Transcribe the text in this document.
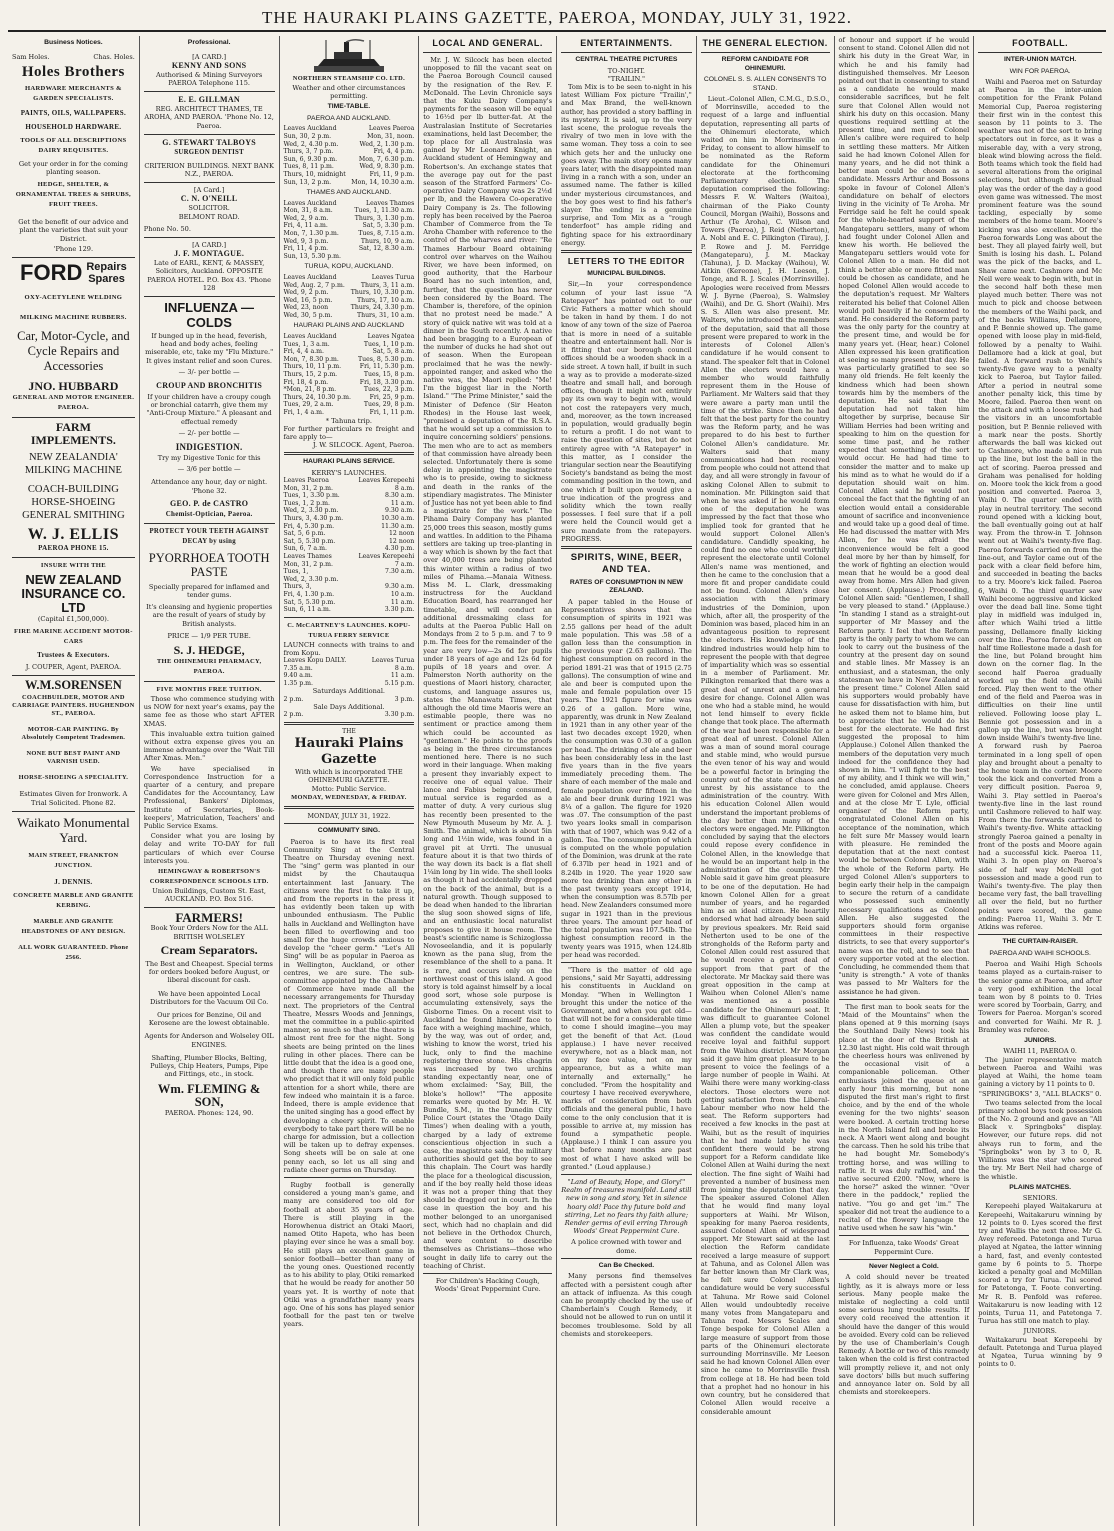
THE HAURAKI PLAINS GAZETTE, PAEROA, MONDAY, JULY 31, 1922.
Business Notices.
Sam Holes.	Chas. Holes.
Holes Brothers
HARDWARE MERCHANTS & GARDEN SPECIALISTS.
PAINTS, OILS, WALLPAPERS.
HOUSEHOLD HARDWARE.
TOOLS OF ALL DESCRIPTIONS DAIRY REQUISITES.
Get your order in for the coming planting season.
HEDGE, SHELTER, & ORNAMENTAL TREES & SHRUBS, FRUIT TREES.
Get the benefit of our advice and plant the varieties that suit your District.
'Phone 129.
FORD Repairs
Spares
OXY-ACETYLENE WELDING
MILKING MACHINE RUBBERS.
Car, Motor-Cycle, and Cycle Repairs and Accessories
JNO. HUBBARD
GENERAL AND MOTOR ENGINEER.
PAEROA.
FARM IMPLEMENTS.
NEW ZEALANDIA' MILKING MACHINE
COACH-BUILDING HORSE-SHOEING GENERAL SMITHING
W. J. ELLIS
PAEROA PHONE 15.
INSURE WITH THE
NEW ZEALAND INSURANCE CO. LTD
(Capital £1,500,000).
FIRE MARINE ACCIDENT MOTOR-CARS
Trustees & Executors.
J. COUPER, Agent, PAEROA.
W.M.SORENSEN
COACHBUILDER, MOTOR AND CARRIAGE PAINTERS. HUGHENDON ST., PAEROA.
MOTOR-CAR PAINTING. By Absolutely Competent Tradesmen.
NONE BUT BEST PAINT AND VARNISH USED.
HORSE-SHOEING A SPECIALITY.
Estimates Given for Ironwork. A Trial Solicited. Phone 82.
Waikato Monumental Yard.
MAIN STREET, FRANKTON JUNCTION.
J. DENNIS.
CONCRETE MARBLE AND GRANITE KERBING.
MARBLE AND GRANITE HEADSTONES OF ANY DESIGN.
ALL WORK GUARANTEED. Phone 2566.
Professional.
[A CARD.]
KENNY AND SONS
Authorised & Mining Surveyors PAEROA Telephone 115.
E. E. GILLMAN
REG. ARCHITECT THAMES, TE AROHA, AND PAEROA. 'Phone No. 12, Paeroa.
G. STEWART TALBOYS
SURGEON DENTIST
CRITERION BUILDINGS. NEXT BANK N.Z., PAEROA.
[A Card.]
C. N. O'NEILL
SOLICITOR.
BELMONT ROAD.
Phone No. 50.
[A CARD.]
J. F. MONTAGUE.
Late of EARL, KENT, & MASSEY, Solicitors, Auckland. OPPOSITE PAEROA HOTEL. P.O. Box 43. 'Phone 128
INFLUENZA — COLDS
If bunged up in the head, feverish, head and body aches, feeling miserable, etc, take my "Flu Mixture." It gives instant relief and soon Cures.
— 3/- per bottle —
CROUP AND BRONCHITIS
If your children have a croupy cough or bronchial catarrh, give them my "Anti-Croup Mixture." A pleasant and effectual remedy
— 2/- per bottle —
INDIGESTION.
Try my Digestive Tonic for this
— 3/6 per bottle —
Attendance any hour, day or night. 'Phone 32.
GEO. P. de CASTRO
Chemist-Optician, Paeroa.
PROTECT YOUR TEETH AGAINST DECAY by using
PYORRHOEA TOOTH PASTE
Specially prepared for inflamed and tender gums.
It's cleansing and hygienic properties are the result of years of study by British analysts.
PRICE — 1/9 PER TUBE.
S. J. HEDGE,
THE OHINEMURI PHARMACY, PAEROA.
FIVE MONTHS FREE TUITION.

Those who commence studying with us NOW for next year's exams, pay the same fee as those who start AFTER XMAS.

This invaluable extra tuition gained without extra expense gives you an immense advantage over the "Wait Till After Xmas. Men."

We have specialised in Correspondence Instruction for a quarter of a century, and prepare Candidates for the Accountancy, Law Professional, Bankers' Diplomas, Institute of Secretaries, Book-keepers', Matriculation, Teachers' and Public Service Exams.

Consider what you are losing by delay and write TO-DAY for full particulars of which ever Course interests you.

HEMINGWAY & ROBERTSON'S CORRESPONDENCE SCHOOLS LTD.
Union Buildings, Custom St. East, AUCKLAND. P.O. Box 516.
FARMERS!
Book Your Orders Now for the ALL BRITISH WOLSELEY
Cream Separators.
The Best and Cheapest. Special terms for orders booked before August, or liberal discount for cash.
We have been appointed Local Distributors for the Vacuum Oil Co.
Our prices for Benzine, Oil and Kerosene are the lowest obtainable.
Agents for Anderson and Wolseley OIL ENGINES.
Shafting, Plumber Blocks, Belting, Pulleys, Chip Heaters, Pumps, Pipe and Fittings, etc., in stock.
Wm. FLEMING & SON,
PAEROA. Phones: 124, 90.
NORTHERN STEAMSHIP CO. LTD.
Weather and other circumstances permitting.
TIME-TABLE.
PAEROA AND AUCKLAND.
Leaves Auckland	Leaves Paeroa
Sun, 30, 2 p.m.	Mon, 31, noon.
Wed, 2, 4.30 p.m.	Wed, 2, 1.30 p.m.
Thurs, 3, 7 p.m.	Fri, 4, 4 p.m.
Sun, 6, 9.30 p.m.	Mon, 7, 6.30 p.m.
Tues, 8, 11 p.m.	Wed, 9, 8.30 p.m.
Thurs, 10, midnight	Fri, 11, 9 p.m.
Sun, 13, 2 p.m.	Mon, 14, 10.30 a.m.
THAMES AND AUCKLAND.
Leaves Auckland	Leaves Thames
Mon, 31, 8 a.m.	Tues, 1, 11.30 a.m.
Wed, 2, 9 a.m.	Thurs, 3, 1.30 p.m.
Fri, 4, 11 a.m.	Sat, 5, 3.30 p.m.
Mon, 7, 1.30 p.m.	Tues, 8, 7.15 a.m.
Wed, 9, 3 p.m.	Thurs, 10, 9 a.m.
Fri, 11, 4 p.m.	Sat, 12, 8.30 a.m.
Sun, 13, 5.30 p.m.
TURUA, KOPU, AUCKLAND.
Leaves Auckland	Leaves Turua
Wed, Aug. 2, 7 p.m.	Thurs, 3, 11 a.m.
Wed, 9, 2 p.m.	Thurs, 10, 3.30 p.m.
Wed, 16, 5 p.m.	Thurs, 17, 10 a.m.
Wed, 23, noon	Thurs, 24, 3.30 p.m.
Wed, 30, 5 p.m.	Thurs, 31, 10 a.m.
HAURAKI PLAINS AND AUCKLAND
Leaves Auckland	Leaves Ngatea
Tues, 1, 3 a.m.	Tues, 1, 10 p.m.
Fri, 4, 4 a.m.	Sat, 5, 8 a.m.
Mon, 7, 8.30 p.m.	Tues, 8, 5.30 p.m.
Thurs, 10, 11 p.m.	Fri, 11, 5.30 p.m.
Thurs, 15, 2 p.m.	Tues, 15, 8 p.m.
Fri, 18, 4 p.m.	Fri, 18, 3.30 p.m.
*Mon, 21, 8 p.m.	Tues, 22, 3 p.m.
Thurs, 24, 10.30 p.m.	Fri, 25, 9 p.m.
Tues, 29, 2 a.m.	Tues, 29, 8 p.m.
Fri, 1, 4 a.m.	Fri, 1, 11 p.m.
* Tahuna trip.
For further particulars re freight and fare apply to—
J. W. SILCOCK. Agent, Paeroa.
HAURAKI PLAINS SERVICE.
KERRY'S LAUNCHES.
Leaves Paeroa	Leaves Kerepeehi
Mon, 31, 2 p.m.	8 a.m.
Tues, 1, 3.30 p.m.	8.30 a.m.
Tues, 1, 2 p.m.	11 a.m.
Wed, 2, 3.30 p.m.	9.30 a.m.
Thurs, 3, 4.30 p.m.	10.30 a.m.
Fri, 4, 5.30 p.m.	11.30 a.m.
Sat, 5, 6 p.m.	12 noon
Sat, 5, 5.30 p.m.	12 noon
Sun, 6, 7 a.m.	4.30 p.m.
Leaves Thames	Leaves Kerepeehi
Mon, 31, 2 p.m.	7 a.m.
Tues, 1,	7.30 a.m.
Wed, 2, 3.30 p.m.
Thurs, 3,	9.30 a.m.
Fri, 4, 1.30 p.m.	10 a.m.
Sat, 5, 5.30 p.m.	11 a.m.
Sun, 6, 11 a.m.	3.30 p.m.
C. McCARTNEY'S LAUNCHES. KOPU-TURUA FERRY SERVICE
LAUNCH connects with trains to and from Kopu.
Leaves Kopu DAILY.	Leaves Turua
7.35 a.m.	8 a.m.
9.40 a.m.	11 a.m.
1.35 p.m.	5.15 p.m.
Saturdays Additional.
2 p.m.	3 p.m.
Sale Days Additional.
2 p.m.	3.30 p.m.
THE
Hauraki Plains Gazette
With which is incorporated THE OHINEMURI GAZETTE.
Motto: Public Service.
MONDAY, WEDNESDAY, & FRIDAY.
MONDAY, JULY 31, 1922.
COMMUNITY SING.

Paeroa is to have its first real Community Sing at the Central Theatre on Thursday evening next. The "sing" germ was planted in our midst by the Chautauqua entertainment last January. The citizens were the first to take it up, and from the reports in the press it has evidently been taken up with unbounded enthusiasm. The Public halls in Auckland and Wellington have been filled to overflowing and too small for the huge crowds anxious to develop the "cheer germ." "Let's All Sing" will be as popular in Paeroa as in Wellington, Auckland, or other centres, we are sure. The sub-committee appointed by the Chamber of Commerce have made all the necessary arrangements for Thursday next. The proprietors of the Central Theatre, Messrs Woods and Jennings, met the committee in a public-spirited manner, so much so that the theatre is almost rent free for the night. Song sheets are being printed on the lines ruling in other places. There can be little doubt that the idea is a good one, and though there are many people who predict that it will only fold public attention for a short while, there are few indeed who maintain it is a farce. Indeed, there is ample evidence that the united singing has a good effect by developing a cheery spirit. To enable everybody to take part there will be no charge for admission, but a collection will be taken up to defray expenses. Song sheets will be on sale at one penny each, so let us all sing and radiate cheer germs on Thursday.

Rugby football is generally considered a young man's game, and many are considered too old for football at about 35 years of age. There is still playing in the Horowhenua district an Otaki Maori, named Otito Hapeta, who has been playing ever since he was a small boy. He still plays an excellent game in senior football—better than many of the young ones. Questioned recently as to his ability to play, Otiki remarked that he would be ready for another 50 years yet. It is worthy of note that Otiki was a grandfather many years ago. One of his sons has played senior football for the past ten or twelve years.

LOCAL AND GENERAL.

Mr. J. W. Silcock has been elected unopposed to fill the vacant seat on the Paeroa Borough Council caused by the resignation of the Rev. F. McDonald. The Levin Chronicle says that the Kuku Dairy Company's payments for the season will be equal to 16½d per lb butter-fat. At the Australasian Institute of Secretaries examinations, held last December, the top place for all Australasia was gained by Mr Leonard Knight, an Auckland student of Hemingway and Robertson's. An exchange states that the average pay out for the past season of the Stratford Farmers' Co-operative Dairy Company was 2s 2½d per lb, and the Hawera Co-operative Dairy Company is 2s. The following reply has been received by the Paeroa Chamber of Commerce from the Te Aroha Chamber with reference to the control of the wharves and river: "Re Thames Harbour Board obtaining control over wharves on the Waihou River, we have been informed, on good authority, that the Harbour Board has no such intention, and, further, that the question has never been considered by the Board. The Chamber is, therefore, of the opinion that no protest need be made." A story of quick native wit was told at a dinner in the South recently. A native had been bragging to a European of the number of ducks he had shot out of season. When the European proclaimed that he was the newly-appointed ranger, and asked who the native was, the Maori replied: "Me! I'm the biggest liar in the North Island." "The Prime Minister," said the Minister of Defence (Sir Heaton Rhodes) in the House last week, "promised a deputation of the R.S.A. that he would set up a commission to inquire concerning soldiers' pensions. The men who are to act as members of that commission have already been selected. Unfortunately there is some delay in appointing the magistrate who is to preside, owing to sickness and death in the ranks of the stipendiary magistrates. The Minister of Justice has not yet been able to find a magistrate for the work." The Pihama Dairy Company has planted 25,000 trees this season, mostly gums and wattles. In addition to the Pihama settlers are taking up tree-planting in a way which is shown by the fact that over 40,000 trees are being planted this winter within a radius of two miles of Pihama.—Manaia Witness. Miss M. L. Clark, dressmaking instructress for the Auckland Education Board, has rearranged her timetable, and will conduct an additional dressmaking class for adults at the Paeroa Public Hall on Mondays from 2 to 5 p.m. and 7 to 9 p.m. The fees for the remainder of the year are very low—2s 6d for pupils under 18 years of age and 12s 6d for pupils of 18 years and over. A Palmerston North authority on the questions of Maori history, character, customs, and language assures us, states the Manawatu Times, that although the old time Maoris were an estimable people, there was no sentiment or practice among them which could be accounted as "gentlemen." He points to the proofs as being in the three circumstances mentioned here. There is no such word in their language. When making a present they invariably expect to receive one of equal value. Their lance and Fabius being consumed, mutual service is regarded as a matter of duty. A very curious slug has recently been presented to the New Plymouth Museum by Mr. A. J. Smith. The animal, which is about 5in long and 1½in wide, was found in a gravel pit at Urrti. The unusual feature about it is that two thirds of the way down its back is a flat shell 1¼in long by 1in wide. The shell looks as though it had accidentally dropped on the back of the animal, but is a natural growth. Though supposed to be dead when handed to the librarian the slug soon showed signs of life, and an enthusiastic local naturalist proposes to give it house room. The beast's scientific name is Schizoglossa Novoseelandia, and it is popularly known as the pana slug, from the resemblance of the shell to a pana. It is rare, and occurs only on the northwest coast of this island. A good story is told against himself by a local good sort, whose sole purpose is accumulating extensively, says the Gisborne Times. On a recent visit to Auckland he found himself face to face with a weighing machine, which, by the way, was out of order, and, wishing to know the worst, tried his luck, only to find the machine registering three stone. His chagrin was increased by two urchins standing expectantly near, one of whom exclaimed: "Say, Bill, the bloke's hollow!" "The apposite remarks were quoted by Mr. H. W. Bundle, S.M., in the Dunedin City Police Court (states the 'Otago Daily Times') when dealing with a youth, charged by a lady of extreme conscientious objection in such a case, the magistrate said, the military authorities should get the boy to see this chaplain. The Court was hardly the place for a theological discussion, and if the boy really held those ideas it was not a proper thing that they should be dragged out in court. In the case in question the boy and his mother belonged to an unorganised sect, which had no chaplain and did not believe in the Orthodox Church, and were content to describe themselves as Christians—those who sought in daily life to carry out the teaching of Christ.

For Children's Hacking Cough, Woods' Great Peppermint Cure.
ENTERTAINMENTS.
CENTRAL THEATRE PICTURES
TO-NIGHT.
"TRAILIN."

Tom Mix is to be seen to-night in his latest William Fox picture "Trailin'," and Max Brand, the well-known author, has provided a story baffling in its mystery. It is said, up to the very last scene, the prologue reveals the rivalry of two men in love with the same woman. They toss a coin to see which gets her and the unlucky one goes away. The main story opens many years later, with the disappointed man living in a ranch with a son, under an assumed name. The father is killed under mysterious circumstances, and the boy goes west to find his father's slayer. The ending is a genuine surprise, and Tom Mix as a "rough tenderfoot" has ample riding and fighting space for his extraordinary energy.

LETTERS TO THE EDITOR
MUNICIPAL BUILDINGS.

Sir,—In your correspondence column of your last issue "A Ratepayer" has pointed out to our Civic Fathers a matter which should be taken in hand by them. I do not know of any town of the size of Paeroa that is more in need of a suitable theatre and entertainment hall. Nor is it fitting that our borough council offices should be a wooden shack in a side street. A town hall, if built in such a way as to provide a moderate-sized theatre and small hall, and borough offices, though it might not entirely pay its own way to begin with, would not cost the ratepayers very much, and, moreover, as the town increased in population, would gradually begin to return a profit. I do not want to raise the question of sites, but do not entirely agree with "A Ratepayer" in this matter, as I consider the triangular section near the Beautifying Society's bandstand as being the most commanding position in the town, and one which if built upon would give a true indication of the progress and solidity which the town really possesses. I feel sure that if a poll were held the Council would get a sure mandate from the ratepayers. PROGRESS.

SPIRITS, WINE, BEER, AND TEA.
RATES OF CONSUMPTION IN NEW ZEALAND.

A paper tabled in the House of Representatives shows that the consumption of spirits in 1921 was 2.55 gallons per head of the adult male population. This was .58 of a gallon less than the consumption in the previous year (2.63 gallons). The highest consumption on record in the period 1891-21 was that of 1915 (2.75 gallons). The consumption of wine and ale and beer is computed upon the male and female population over 15 years. The 1921 figure for wine was 0.26 of a gallon. More wine, apparently, was drunk in New Zealand in 1921 than in any other year of the last two decades except 1920, when the consumption was 0.30 of a gallon per head. The drinking of ale and beer has been considerably less in the last five years than in the five years immediately preceding them. The share of each member of the male and female population over fifteen in the ale and beer drunk during 1921 was 8¼ of a gallon. The figure for 1920 was .07. The consumption of the past two years looks small in comparison with that of 1907, which was 9.42 of a gallon. Tea. The consumption of which is computed on the whole population of the Dominion, was drunk at the rate of 6.37lb per head in 1921 and of 8.24lb in 1920. The year 1920 saw more tea drinking than any other in the past twenty years except 1914, when the consumption was 8.57lb per head. New Zealanders consumed more sugar in 1921 than in the previous three years. The amount per head of the total population was 107.54lb. The highest consumption record in the twenty years was 1915, when 124.8lb per head was recorded.

"There is the matter of old age pensions," said Mr Sayatti, addressing his constituents in Auckland on Monday. "When in Wellington I brought this under the notice of the Government, and when you get old—that will not be for a considerable time to come I should imagine—you may get the benefit of that Act. (Loud applause.) I have never received everywhere, not as a black man, not on my face value, not on my appearance, but as a white man internally and externally," he concluded. "From the hospitality and courtesy I have received everywhere, marks of consideration from both officials and the general public, I have come to the only conclusion that it is possible to arrive at, my mission has found a sympathetic people. (Applause.) I think I can assure you that before many months are past most of what I have asked will be granted." (Loud applause.)

"Land of Beauty, Hope, and Glory!" Realm of treasures manifold. Land still new in song and story, Yet in silence hoary old! Pace thy future bold and stirring, Let no fears thy faith allure; Render germs of evil erring Through Woods' Great Peppermint Cure.
A police crowned with tower and dome.
Can Be Checked.

Many persons find themselves affected with a persistent cough after an attack of influenza. As this cough can be promptly checked by the use of Chamberlain's Cough Remedy, it should not be allowed to run on until it becomes troublesome. Sold by all chemists and storekeepers.

THE GENERAL ELECTION.
REFORM CANDIDATE FOR OHINEMURI.
COLONEL S. S. ALLEN CONSENTS TO STAND.

Lieut.-Colonel Allen, C.M.G., D.S.O., of Morrinsville, acceded to the request of a large and influential deputation, representing all parts of the Ohinemuri electorate, which waited on him in Morrinsville on Friday, to consent to allow himself to be nominated as the Reform candidate for the Ohinemuri electorate at the forthcoming Parliamentary election. The deputation comprised the following: Messrs F. W. Walters (Waitoa), chairman of the Piako County Council, Morgan (Waihi), Bossons and Arthur (Te Aroha), C. Wilson and Towers (Paeroa), J. Reid (Netherton), A. Nobl and E. C. Pilkington (Tirau), J. P. Rowe and J. M. Ferridge (Mangateparu), J. M. Mackay (Tahuna), J. D. Mackay (Waihou), W. Aitkin (Kereone), J. H. Leeson, J. Tonge, and R. J. Scales (Morrinsville). Apologies were received from Messrs W. J. Byrne (Paeroa), S. Walmsley (Waihi), and Dr. G. Short (Waihi). Mrs S. S. Allen was also present. Mr. Walters, who introduced the members of the deputation, said that all those present were prepared to work in the interests of Colonel Allen's candidature if he would consent to stand. The speaker felt that in Colonel Allen the electors would have a member who would faithfully represent them in the House of Parliament. Mr Walters said that they were aware a party man until the time of the strike. Since then he had felt that the best party for the country was the Reform party, and he was prepared to do his best to further Colonel Allen's candidature. Mr. Walters said that many communications had been received from people who could not attend that day, and all were strongly in favour of asking Colonel Allen to submit to nomination. Mr. Pilkington said that when he was asked if he would form one of the deputation he was impressed by the fact that those who implied took for granted that he would support Colonel Allen's candidature. Candidly speaking, he could find no one who could worthily represent the electorate until Colonel Allen's name was mentioned, and then he came to the conclusion that a more fit and proper candidate could not be found. Colonel Allen's close association with the primary industries of the Dominion, upon which, after all, the prosperity of the Dominion was based, placed him in an advantageous position to represent the electors. His knowledge of the kindred industries would help him to represent the people with that degree of impartiality which was so essential in a member of Parliament. Mr. Pilkington remarked that there was a great deal of unrest and a general desire for change. Colonel Allen was one who had a stable mind, he would not lend himself to every fickle change that took place. The aftermath of the war had been responsible for a great deal of unrest. Colonel Allen was a man of sound moral courage and stable mind, who would pursue the even tenor of his way and would be a powerful factor in bringing the country out of the state of chaos and unrest by his assistance to the administration of the country. With his education Colonel Allen would understand the important problems of the day better than many of the electors were engaged. Mr. Pilkington concluded by saying that the electors could repose every confidence in Colonel Allen, in the knowledge that he would be an important help in the administration of the country. Mr Noble said it gave him great pleasure to be one of the deputation. He had known Colonel Allen for a great number of years, and he regarded him as an ideal citizen. He heartily endorsed what had already been said by previous speakers. Mr. Reid said Netherton used to be one of the strongholds of the Reform party and Colonel Allen could rest assured that he would receive a great deal of support from that part of the electorate. Mr Mackay said there was great opposition in the camp at Waihou when Colonel Allen's name was mentioned as a possible candidate for the Ohinemuri seat. It was difficult to guarantee Colonel Allen a plump vote, but the speaker was confident the candidate would receive loyal and faithful support from the Waihou district. Mr Morgan said it gave him great pleasure to be present to voice the feelings of a large number of people in Waihi. At Waihi there were many working-class electors. Those electors were not getting satisfaction from the Liberal-Labour member who now held the seat. The Reform supporters had received a few knocks in the past at Waihi, but as the result of inquiries that he had made lately he was confident there would be strong support for a Reform candidate like Colonel Allen at Waihi during the next election. The fine sight of Waihi had prevented a number of business men from joining the deputation that day. The speaker assured Colonel Allen that he would find many loyal supporters at Waihi. Mr Wilson, speaking for many Paeroa residents, assured Colonel Allen of widespread support. Mr Stewart said at the last election the Reform candidate received a large measure of support at Tahuna, and as Colonel Allen was far better known than Mr Clark was, he felt sure Colonel Allen's candidature would be very successful at Tahuna. Mr Rowe said Colonel Allen would undoubtedly receive many votes from Mangateparu and Tahuna road. Messrs Scales and Tonge bespoke for Colonel Allen a large measure of support from those parts of the Ohinemuri electorate surrounding Morrinsville. Mr Leeson said he had known Colonel Allen ever since he came to Morrinsville fresh from college at 18. He had been told that a prophet had no honour in his own country, but he considered that Colonel Allen would receive a considerable amount

of honour and support if he would consent to stand. Colonel Allen did not shirk his duty in the Great War, in which he and his family had distinguished themselves. Mr Leeson pointed out that in consenting to stand as a candidate he would make considerable sacrifices, but he felt sure that Colonel Allen would not shirk his duty on this occasion. Many questions required settling at the present time, and men of Colonel Allen's calibre were required to help in settling these matters. Mr Aitken said he had known Colonel Allen for many years, and he did not think a better man could be chosen as a candidate. Messrs Arthur and Bossons spoke in favour of Colonel Allen's candidature on behalf of electors living in the vicinity of Te Aroha. Mr Ferridge said he felt he could speak for the whole-hearted support of the Mangateparu settlers, many of whom had fought under Colonel Allen and knew his worth. He believed the Mangateparu settlers would vote for Colonel Allen to a man. He did not think a better able or more fitted man could be chosen as candidate, and he hoped Colonel Allen would accede to the deputation's request. Mr Walters reiterated his belief that Colonel Allen would poll heavily if he consented to stand. He considered the Reform party was the only party for the country at the present time, and would be for many years yet. (Hear, hear.) Colonel Allen expressed his keen gratification at seeing so many present that day. He was particularly gratified to see so many old friends. He felt keenly the kindness which had been shown towards him by the members of the deputation. He said that the deputation had not taken him altogether by surprise, because Sir William Herries had been writing and speaking to him on the question for some time past, and he rather expected that something of the sort would occur. He had had time to consider the matter and to make up his mind as to what he would do if a deputation should wait on him. Colonel Allen said he would not conceal the fact that the fighting of an election would entail a considerable amount of sacrifice and inconvenience and would take up a good deal of time. He had discussed the matter with Mrs Allen, for he was afraid the inconvenience would be felt a good deal more by her than by himself, for the work of fighting an election would mean that he would be a good deal away from home. Mrs Allen had given her consent. (Applause.) Proceeding, Colonel Allen said: "Gentlemen, I shall be very pleased to stand." (Applause.) "In standing I stand as a straight-out supporter of Mr Massey and the Reform party. I feel that the Reform party is the only party to whom we can look to carry out the business of the country at the present day on sound and stable lines. Mr Massey is an enthusiast, and a statesman, the only statesman we have in New Zealand at the present time." Colonel Allen said his supporters would probably have cause for dissatisfaction with him, but he asked them not to blame him, but to appreciate that he would do his best for the electorate. He had first suggested the proposal to him (Applause.) Colonel Allen thanked the members of the deputation very much indeed for the confidence they had shown in him. "I will fight to the best of my ability, and I think we will win," he concluded, amid applause. Cheers were given for Colonel and Mrs Allen, and at the close Mr T. Lyle, official organiser of the Reform party, congratulated Colonel Allen on his acceptance of the nomination, which he felt sure Mr Massey would learn with pleasure. He reminded the deputation that at the next contest would be between Colonel Allen, with the whole of the Reform party. He urged Colonel Allen's supporters to begin early their help in the campaign to secure the return of a candidate who possessed such eminently necessary qualifications as Colonel Allen. He also suggested the supporters should form organise committees in their respective districts, to see that every supporter's name was on the roll, and to see that every supporter voted at the election. Concluding, he commended them that "unity is strength." A vote of thanks was passed to Mr Walters for the assistance he had given.

The first man to book seats for the "Maid of the Mountains" when the plans opened at 9 this morning (says the Southland Daily News) took his place at the door of the British at 12.30 last night. His cold wait through the cheerless hours was enlivened by the occasional visit of a companionable policeman. Other enthusiasts joined the queue at an early hour this morning, but none disputed the first man's right to first choice, and by the end of the whole evening for the two nights' season were booked. A certain trotting horse in the North Island fell and broke its neck. A Maori went along and bought the carcass. Then he sold his tribe that he had bought Mr. Somebody's trotting horse, and was willing to raffle it. It was duly raffled, and the native secured £200. "Now, where is the horse?" asked the winner. "Over there in the paddock," replied the native. "You go and get 'im." The speaker did not treat the audience to a recital of the flowery language the native used when he saw his "win."

For Influenza, take Woods' Great Peppermint Cure.
Never Neglect a Cold.

A cold should never be treated lightly, as it is always more or less serious. Many people make the mistake of neglecting a cold until some serious lung trouble results. If every cold received the attention it should have the danger of this would be avoided. Every cold can be relieved by the use of Chamberlain's Cough Remedy. A bottle or two of this remedy taken when the cold is first contracted will promptly relieve it, and not only save doctors' bills but much suffering and annoyance later on. Sold by all chemists and storekeepers.

FOOTBALL.
INTER-UNION MATCH.
WIN FOR PAEROA.

Waihi and Paeroa met on Saturday at Paeroa in the inter-union competition for the Frank Poland Memorial Cup, Paeroa registering their first win in the contest this season by 11 points to 3. The weather was not of the sort to bring spectators out in force, as it was a miserable day, with a very strong, bleak wind blowing across the field. Both teams which took the field had several alterations from the original selections, but although individual play was the order of the day a good even game was witnessed. The most prominent feature was the sound tackling, especially by some members of the home team. Moore's kicking was also excellent. Of the Paeroa forwards Long was about the best. They all played fairly well, but Smith is losing his dash. L. Poland was the pick of the backs, and L. Shaw came next. Cashmore and Mc Neil were weak to begin with, but in the second half both these men played much better. There was not much to pick and choose between the members of the Waihi pack, and of the backs Williams, Dellamore, and P. Bennie showed up. The game opened with loose play in mid-field, followed by a penalty to Waihi. Dellamore had a kick at goal, but failed. A forward rush to Waihi's twenty-five gave way to a penalty kick to Paeroa, but Taylor failed. After a period in neutral some another penalty kick, this time by Moore, failed. Paeroa then went on the attack and with a loose rush had the visitors in an uncomfortable position, but P. Bennie relieved with a mark near the posts. Shortly afterwards the ball was kicked out to Cashmore, who made a nice run up the line, but lost the ball in the act of scoring. Paeroa pressed and Graham was penalised for holding on. Moore took the kick from a good position and converted. Paeroa 3, Waihi 0. The quarter ended with play in neutral territory. The second round opened with a kicking bout, the ball eventually going out at half way. From the throw-in T. Johnson went out at Waihi's twenty-five flag. Paeroa forwards carried on from the line-out, and Taylor came out of the pack with a clear field before him, and succeeded in beating the backs to a try. Moore's kick failed. Paeroa 6, Waihi 0. The third quarter saw Waihi become aggressive and kicked over the dead ball line. Some tight play in midfield was indulged in, after which Waihi tried a little passing, Dellamore finally kicking over the line. Paeroa forced. Just on half time Rollestone made a dash for the line, but Poland brought him down on the corner flag. In the second half Paeroa gradually worked up the field and Waihi forced. Play then went to the other end of the field and Paeroa was in difficulties on their line until relieved. Following loose play L. Bennie got possession and in a gallop up the line, but was brought down inside Waihi's twenty-five line. A forward rush by Paeroa terminated in a long spell of open play and brought about a penalty to the home team in the corner. Moore took the kick and converted from a very difficult position. Paeroa 9, Waihi 3. Play settled in Paeroa's twenty-five line in the last round until Cashmore relieved to half way. From there the forwards carried to Waihi's twenty-five. White attacking strongly Paeroa gained a penalty in front of the posts and Moore again had a successful kick. Paeroa 11, Waihi 3. In open play on Paeroa's side of half way McNeill got possession and made a good run to Waihi's twenty-five. The play then became very fast, the ball travelling all over the field, but no further points were scored, the game ending: Paeroa 11, Waihi 3. Mr T. Atkins was referee.

THE CURTAIN-RAISER.
PAEROA AND WAIHI SCHOOLS.

Paeroa and Waihi High Schools teams played as a curtain-raiser to the senior game at Paeroa, and after a very good exhibition the local team won by 8 points to 0. Tries were scored by Toorbain, Garry, and Towers for Paeroa. Morgan's scored and converted for Waihi. Mr R. J. Bramley was referee.

JUNIORS.
WAIHI 11, PAEROA 0.

The junior representative match between Paeroa and Waihi was played at Waihi, the home team gaining a victory by 11 points to 0.

"SPRINGBOKS" 3, "ALL BLACKS" 0.

Two teams selected from the local primary school boys took possession of the No. 2 ground and gave an "All Black v. Springboks" display. However, our future reps. did not always run to form, and the "Springboks" won by 3 to 0, R. Williams was the star who scored the try. Mr Bert Neil had charge of the whistle.

PLAINS MATCHES.
SENIORS.

Kerepeehi played Waitakaruru at Kerepeehi, Waitakaruru winning by 12 points to 0. Lyes scored the first try and Wallis the next three. Mr G. Avey refereed. Patetonga and Turua played at Ngatea, the latter winning a hard, fast, and evenly contested game by 6 points to 5. Thorpe kicked a penalty goal and McMillan scored a try for Turua. Tui scored for Patetonga, T. Foote converting. Mr R. B. Penfold was referee. Waitakaruru is now leading with 12 points, Turua 11, and Patetonga 7. Turua has still one match to play.

JUNIORS.

Waitakaruru beat Kerepeehi by default. Patetonga and Turua played at Ngatea, Turua winning by 9 points to 0.
